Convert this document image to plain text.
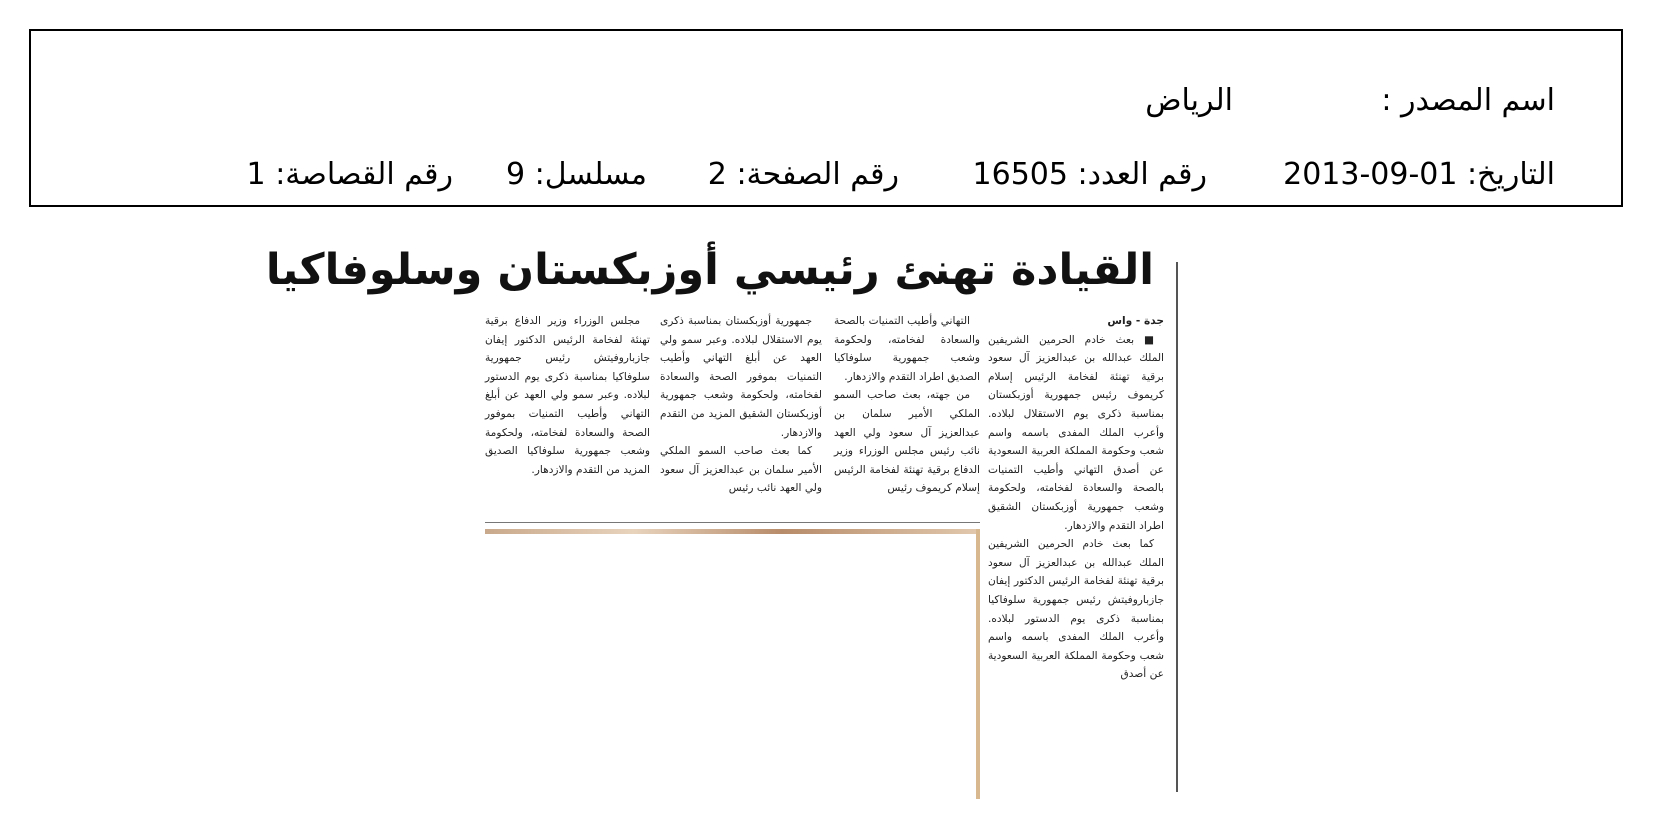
اسم المصدر :
الرياض
التاريخ: 2013-09-01
رقم العدد: 16505
رقم الصفحة: 2
مسلسل: 9
رقم القصاصة: 1
القيادة تهنئ رئيسي أوزبكستان وسلوفاكيا

جدة - واس

■ بعث خادم الحرمين الشريفين الملك عبدالله بن عبدالعزيز آل سعود برقية تهنئة لفخامة الرئيس إسلام كريموف رئيس جمهورية أوزبكستان بمناسبة ذكرى يوم الاستقلال لبلاده. وأعرب الملك المفدى باسمه واسم شعب وحكومة المملكة العربية السعودية عن أصدق التهاني وأطيب التمنيات بالصحة والسعادة لفخامته، ولحكومة وشعب جمهورية أوزبكستان الشقيق اطراد التقدم والازدهار.

كما بعث خادم الحرمين الشريفين الملك عبدالله بن عبدالعزيز آل سعود برقية تهنئة لفخامة الرئيس الدكتور إيفان جازباروفيتش رئيس جمهورية سلوفاكيا بمناسبة ذكرى يوم الدستور لبلاده. وأعرب الملك المفدى باسمه واسم شعب وحكومة المملكة العربية السعودية عن أصدق

التهاني وأطيب التمنيات بالصحة والسعادة لفخامته، ولحكومة وشعب جمهورية سلوفاكيا الصديق اطراد التقدم والازدهار.

من جهته، بعث صاحب السمو الملكي الأمير سلمان بن عبدالعزيز آل سعود ولي العهد نائب رئيس مجلس الوزراء وزير الدفاع برقية تهنئة لفخامة الرئيس إسلام كريموف رئيس

جمهورية أوزبكستان بمناسبة ذكرى يوم الاستقلال لبلاده. وعبر سمو ولي العهد عن أبلغ التهاني وأطيب التمنيات بموفور الصحة والسعادة لفخامته، ولحكومة وشعب جمهورية أوزبكستان الشقيق المزيد من التقدم والازدهار.

كما بعث صاحب السمو الملكي الأمير سلمان بن عبدالعزيز آل سعود ولي العهد نائب رئيس

مجلس الوزراء وزير الدفاع برقية تهنئة لفخامة الرئيس الدكتور إيفان جازباروفيتش رئيس جمهورية سلوفاكيا بمناسبة ذكرى يوم الدستور لبلاده. وعبر سمو ولي العهد عن أبلغ التهاني وأطيب التمنيات بموفور الصحة والسعادة لفخامته، ولحكومة وشعب جمهورية سلوفاكيا الصديق المزيد من التقدم والازدهار.
